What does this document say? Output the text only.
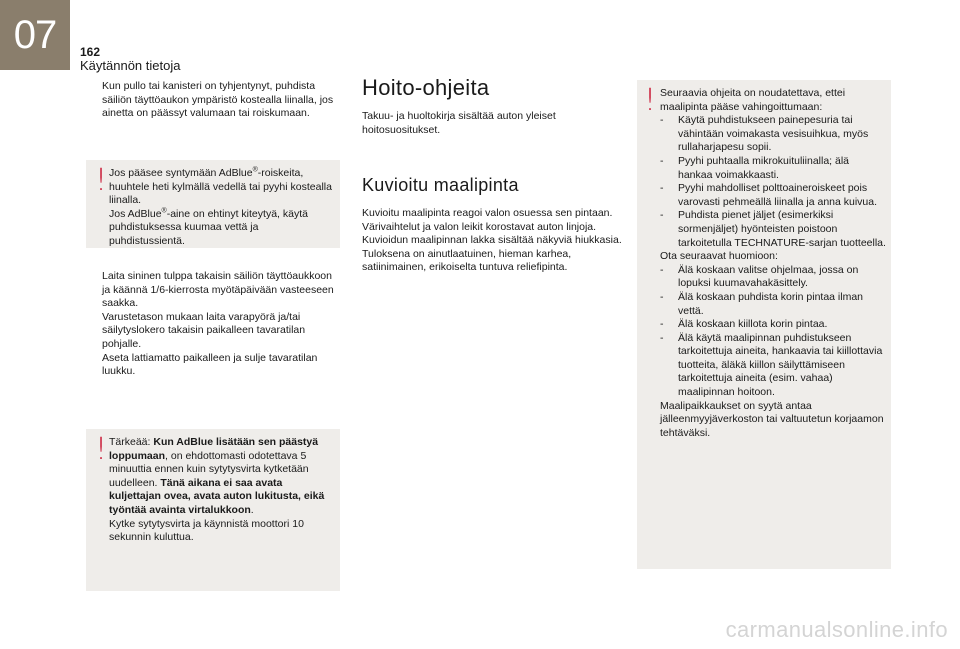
07	162
Käytännön tietoja

Kun pullo tai kanisteri on tyhjentynyt, puhdista säiliön täyttöaukon ympäristö kostealla liinalla, jos ainetta on päässyt valumaan tai roiskumaan.

! Jos pääsee syntymään AdBlue®-roiskeita, huuhtele heti kylmällä vedellä tai pyyhi kostealla liinalla.
Jos AdBlue®-aine on ehtinyt kiteytyä, käytä puhdistuksessa kuumaa vettä ja puhdistussientä.

Laita sininen tulppa takaisin säiliön täyttöaukkoon ja käännä 1/6-kierrosta myötäpäivään vasteeseen saakka.

Varustetason mukaan laita varapyörä ja/tai säilytyslokero takaisin paikalleen tavaratilan pohjalle.

Aseta lattiamatto paikalleen ja sulje tavaratilan luukku.

! Tärkeää: Kun AdBlue lisätään sen päästyä loppumaan, on ehdottomasti odotettava 5 minuuttia ennen kuin sytytysvirta kytketään uudelleen. Tänä aikana ei saa avata kuljettajan ovea, avata auton lukitusta, eikä työntää avainta virtalukkoon.
Kytke sytytysvirta ja käynnistä moottori 10 sekunnin kuluttua.
Hoito-ohjeita
Takuu- ja huoltokirja sisältää auton yleiset hoitosuositukset.
Kuvioitu maalipinta
Kuvioitu maalipinta reagoi valon osuessa sen pintaan. Värivaihtelut ja valon leikit korostavat auton linjoja. Kuvioidun maalipinnan lakka sisältää näkyviä hiukkasia. Tuloksena on ainutlaatuinen, hieman karhea, satiinimainen, erikoiselta tuntuva reliefipinta.
! Seuraavia ohjeita on noudatettava, ettei maalipinta pääse vahingoittumaan:
- Käytä puhdistukseen painepesuria tai vähintään voimakasta vesisuihkua, myös rullaharjapesu sopii.
- Pyyhi puhtaalla mikrokuituliinalla; älä hankaa voimakkaasti.
- Pyyhi mahdolliset polttoaineroiskeet pois varovasti pehmeällä liinalla ja anna kuivua.
- Puhdista pienet jäljet (esimerkiksi sormenjäljet) hyönteisten poistoon tarkoitetulla TECHNATURE-sarjan tuotteella.
Ota seuraavat huomioon:
- Älä koskaan valitse ohjelmaa, jossa on lopuksi kuumavahakäsittely.
- Älä koskaan puhdista korin pintaa ilman vettä.
- Älä koskaan kiillota korin pintaa.
- Älä käytä maalipinnan puhdistukseen tarkoitettuja aineita, hankaavia tai kiillottavia tuotteita, äläkä kiillon säilyttämiseen tarkoitettuja aineita (esim. vahaa) maalipinnan hoitoon.
Maalipaikkaukset on syytä antaa jälleenmyyjäverkoston tai valtuutetun korjaamon tehtäväksi.
carmanualsonline.info
